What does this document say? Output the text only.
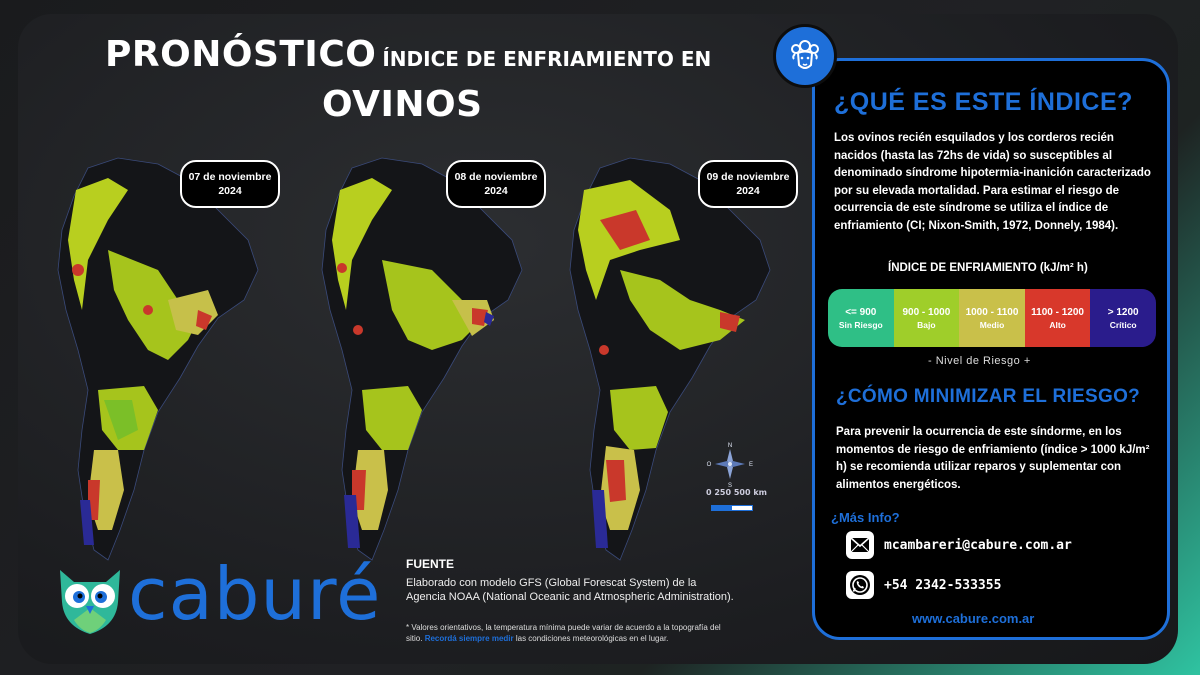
PRONÓSTICO ÍNDICE DE ENFRIAMIENTO EN
OVINOS
07 de noviembre
2024
08 de noviembre
2024
09 de noviembre
2024
N
S
E
O
0 250 500 km
¿QUÉ ES ESTE ÍNDICE?
Los ovinos recién esquilados y los corderos recién nacidos (hasta las 72hs de vida) so susceptibles al denominado síndrome hipotermia-inanición caracterizado por su elevada mortalidad. Para estimar el riesgo de ocurrencia de este síndrome se utiliza el índice de enfriamiento (CI; Nixon-Smith, 1972, Donnely, 1984).
ÍNDICE DE ENFRIAMIENTO (kJ/m² h)
<= 900
Sin Riesgo
900 - 1000
Bajo
1000 - 1100
Medio
1100 - 1200
Alto
> 1200
Crítico
- Nivel de Riesgo +
¿CÓMO MINIMIZAR EL RIESGO?
Para prevenir la ocurrencia de este síndorme, en los momentos de riesgo de enfriamiento (índice > 1000 kJ/m² h) se recomienda utilizar reparos y suplementar con alimentos energéticos.
¿Más Info?
mcambareri@cabure.com.ar
+54 2342-533355
www.cabure.com.ar
caburé FUENTE
Elaborado con modelo GFS (Global Forescat System) de la Agencia NOAA (National Oceanic and Atmospheric Administration).
* Valores orientativos, la temperatura mínima puede variar de acuerdo a la topografía del sitio. Recordá siempre medir las condiciones meteorológicas en el lugar.
